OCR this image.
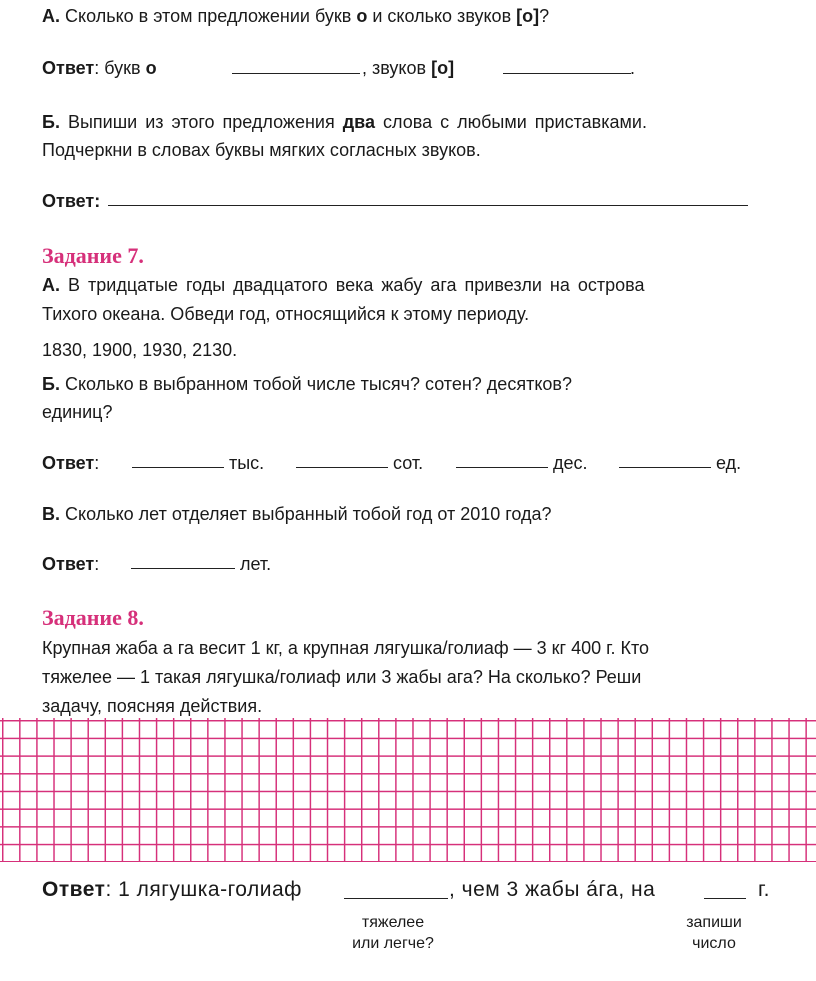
А. Сколько в этом предложении букв о и сколько звуков [о]?
Ответ: букв о	, звуков [о]	.
Б. Выпиши из этого предложения два слова с любыми приставками.
Подчеркни в словах буквы мягких согласных звуков.
Ответ:
Задание 7.
А. В тридцатые годы двадцатого века жабу ага привезли на острова
Тихого океана. Обведи год, относящийся к этому периоду.
1830, 1900, 1930, 2130.
Б. Сколько в выбранном тобой числе тысяч? сотен? десятков?
единиц?
Ответ:	тыс.	сот.	дес.	ед.
В. Сколько лет отделяет выбранный тобой год от 2010 года?
Ответ:	лет.
Задание 8.
Крупная жаба а га весит 1 кг, а крупная лягушка/голиаф — 3 кг 400 г. Кто
тяжелее — 1 такая лягушка/голиаф или 3 жабы ага? На сколько? Реши
задачу, поясняя действия.
Ответ: 1 лягушка-голиаф	, чем 3 жабы áга, на	г.
тяжелее
или легче?
запиши
число
